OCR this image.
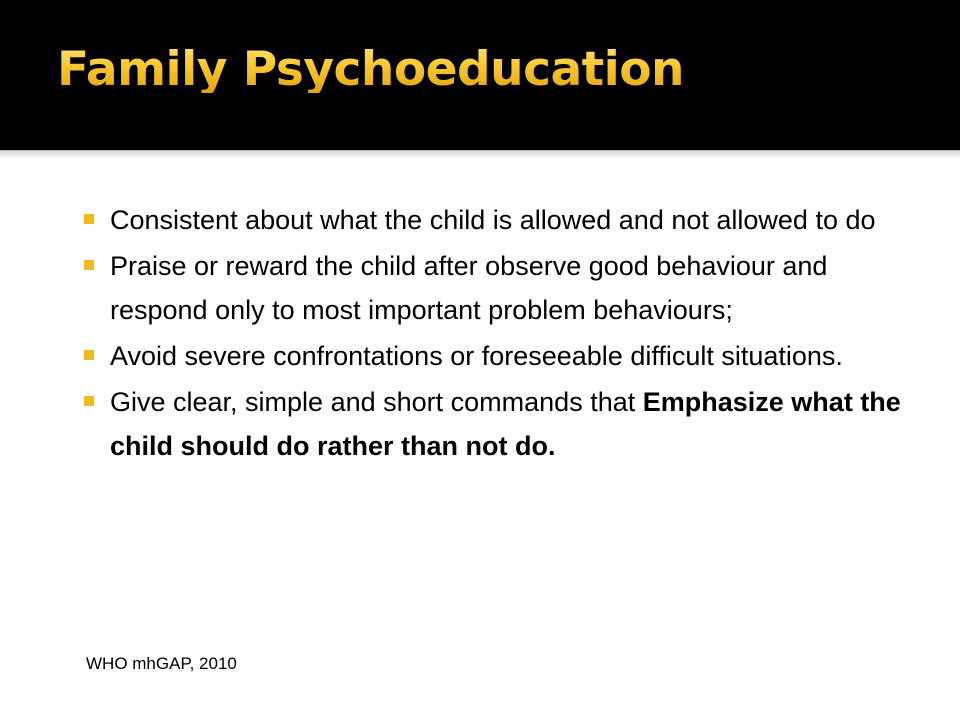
Family Psychoeducation
Consistent about what the child is allowed and not allowed to do
Praise or reward the child after observe good behaviour and respond only to most important problem behaviours;
Avoid severe confrontations or foreseeable difficult situations.
Give clear, simple and short commands that Emphasize what the child should do rather than not do.
WHO mhGAP, 2010
